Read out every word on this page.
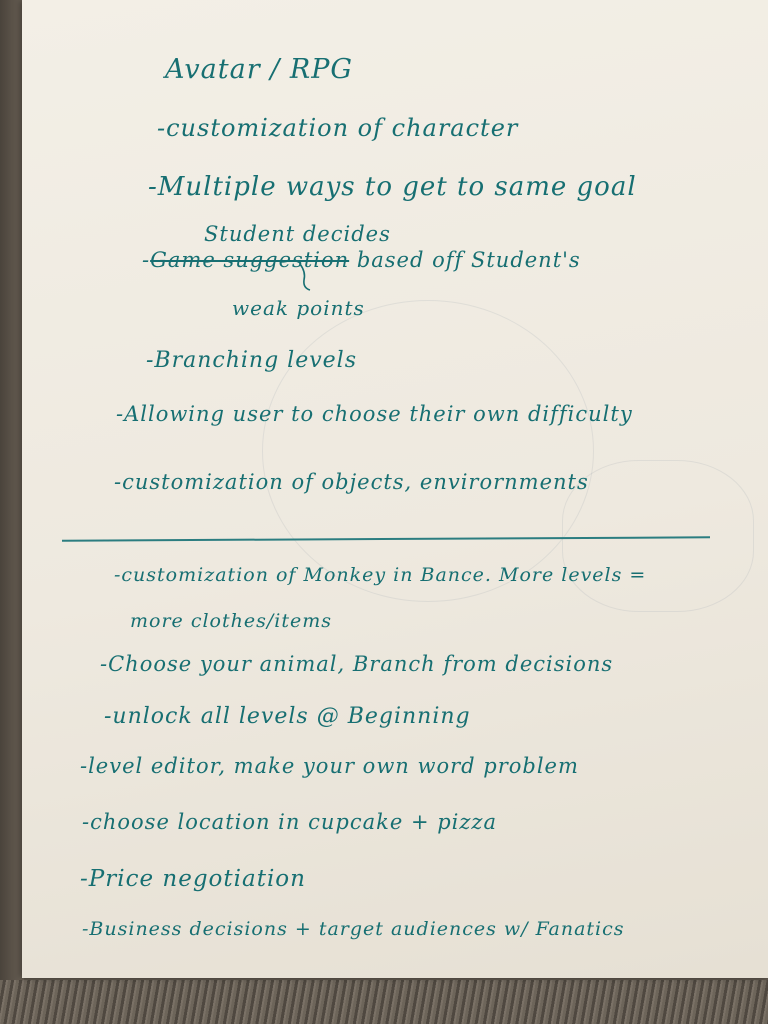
Avatar / RPG
-customization of character
-Multiple ways to get to same goal
Student decides
-Game suggestion based off Student's
weak points
-Branching levels
-Allowing user to choose their own difficulty
-customization of objects, envirornments
-customization of Monkey in Bance. More levels =
more clothes/items
-Choose your animal, Branch from decisions
-unlock all levels @ Beginning
-level editor, make your own word problem
-choose location in cupcake + pizza
-Price negotiation
-Business decisions + target audiences w/ Fanatics
